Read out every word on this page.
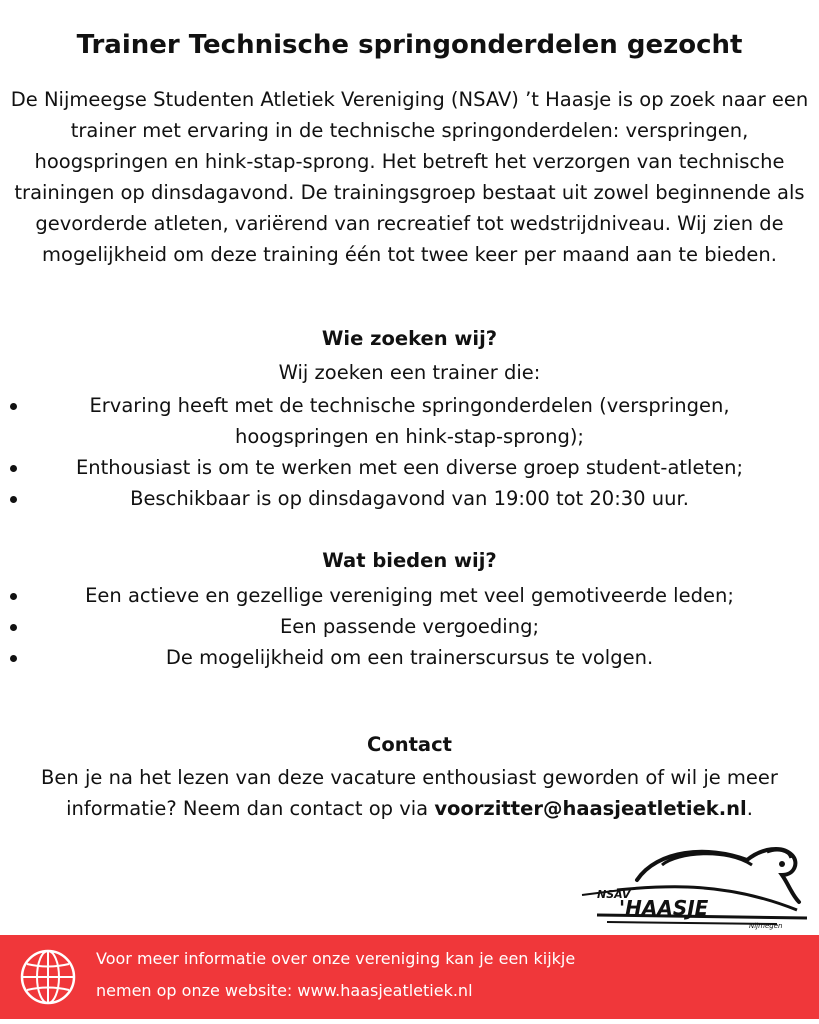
Trainer Technische springonderdelen gezocht
De Nijmeegse Studenten Atletiek Vereniging (NSAV) ’t Haasje is op zoek naar een trainer met ervaring in de technische springonderdelen: verspringen, hoogspringen en hink-stap-sprong. Het betreft het verzorgen van technische trainingen op dinsdagavond. De trainingsgroep bestaat uit zowel beginnende als gevorderde atleten, variërend van recreatief tot wedstrijdniveau. Wij zien de mogelijkheid om deze training één tot twee keer per maand aan te bieden.
Wie zoeken wij?
Wij zoeken een trainer die:
Ervaring heeft met de technische springonderdelen (verspringen, hoogspringen en hink-stap-sprong);
Enthousiast is om te werken met een diverse groep student-atleten;
Beschikbaar is op dinsdagavond van 19:00 tot 20:30 uur.
Wat bieden wij?
Een actieve en gezellige vereniging met veel gemotiveerde leden;
Een passende vergoeding;
De mogelijkheid om een trainerscursus te volgen.
Contact
Ben je na het lezen van deze vacature enthousiast geworden of wil je meer informatie? Neem dan contact op via voorzitter@haasjeatletiek.nl.
NSAV
'HAASJE
Nijmegen
Voor meer informatie over onze vereniging kan je een kijkje
nemen op onze website: www.haasjeatletiek.nl
